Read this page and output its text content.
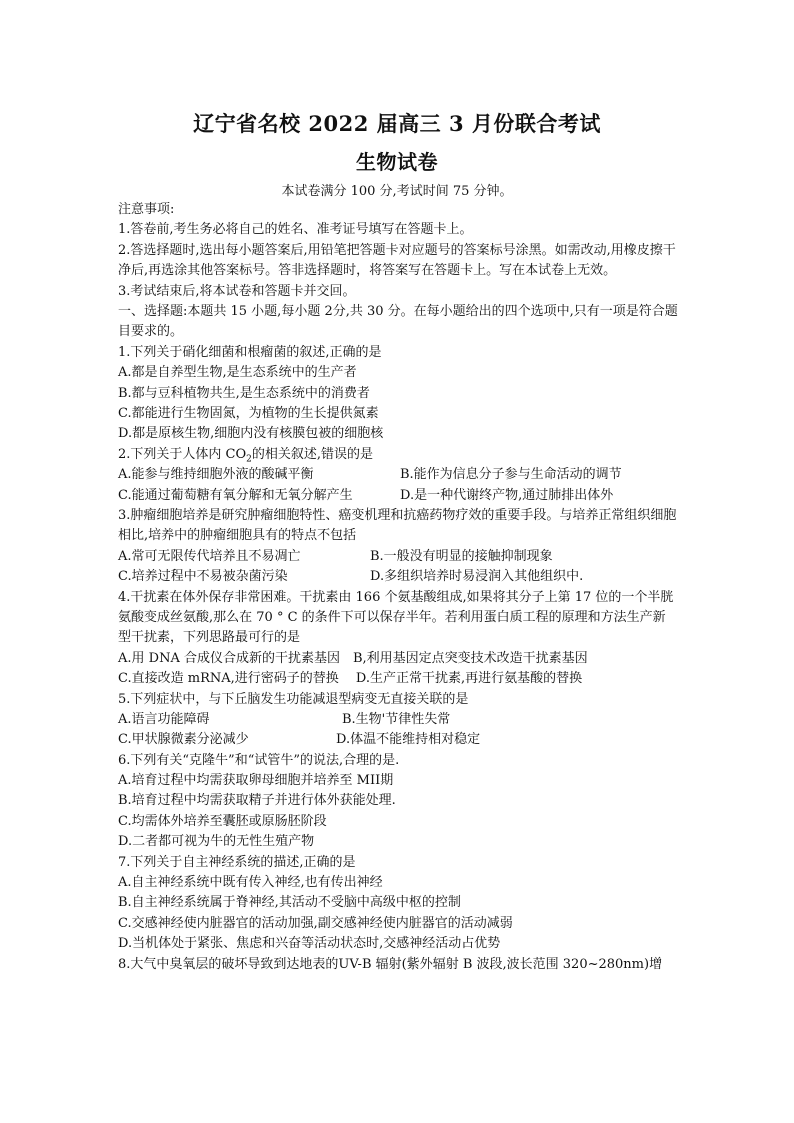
辽宁省名校 2022 届高三 3 月份联合考试
生物试卷
本试卷满分 100 分,考试时间 75 分钟。
注意事项:
1.答卷前,考生务必将自己的姓名、准考证号填写在答题卡上。
2.答选择题时,选出每小题答案后,用铅笔把答题卡对应题号的答案标号涂黑。如需改动,用橡皮擦干净后,再选涂其他答案标号。答非选择题时，将答案写在答题卡上。写在本试卷上无效。
3.考试结束后,将本试卷和答题卡并交回。
一、选择题:本题共 15 小题,每小题 2分,共 30 分。在每小题给出的四个选项中,只有一项是符合题目要求的。
1.下列关于硝化细菌和根瘤菌的叙述,正确的是
A.都是自养型生物,是生态系统中的生产者
B.都与豆科植物共生,是生态系统中的消费者
C.都能进行生物固氮，为植物的生长提供氮素
D.都是原核生物,细胞内没有核膜包被的细胞核
2.下列关于人体内 $CO_2$的相关叙述,错误的是
A.能参与维持细胞外液的酸碱平衡	B.能作为信息分子参与生命活动的调节
C.能通过葡萄糖有氧分解和无氧分解产生	D.是一种代谢终产物,通过肺排出体外
3.肿瘤细胞培养是研究肿瘤细胞特性、癌变机理和抗癌药物疗效的重要手段。与培养正常组织细胞相比,培养中的肿瘤细胞具有的特点不包括
A.常可无限传代培养且不易凋亡	B.一般没有明显的接触抑制现象
C.培养过程中不易被杂菌污染	D.多组织培养时易浸润入其他组织中.
4.干扰素在体外保存非常困难。干扰素由 166 个氨基酸组成,如果将其分子上第 17 位的一个半胱氨酸变成丝氨酸,那么在 70 ° C 的条件下可以保存半年。若利用蛋白质工程的原理和方法生产新型干扰素，下列思路最可行的是
A.用 DNA 合成仪合成新的干扰素基因　B,利用基因定点突变技术改造干扰素基因
C.直接改造 mRNA,进行密码子的替换　 D.生产正常干扰素,再进行氨基酸的替换
5.下列症状中，与下丘脑发生功能减退型病变无直接关联的是
A.语言功能障碍	B.生物'节律性失常
C.甲状腺微素分泌减少	D.体温不能维持相对稳定
6.下列有关“克隆牛”和“试管牛”的说法,合理的是.
A.培育过程中均需获取卵母细胞并培养至 MII期
B.培育过程中均需获取精子并进行体外获能处理.
C.均需体外培养至囊胚或原肠胚阶段
D.二者都可视为牛的无性生殖产物
7.下列关于自主神经系统的描述,正确的是
A.自主神经系统中既有传入神经,也有传出神经
B.自主神经系统属于脊神经,其活动不受脑中高级中枢的控制
C.交感神经使内脏器官的活动加强,副交感神经使内脏器官的活动减弱
D.当机体处于紧张、焦虑和兴奋等活动状态时,交感神经活动占优势
8.大气中臭氧层的破坏导致到达地表的UV-B 辐射(紫外辐射 B 波段,波长范围 320~280nm)增
